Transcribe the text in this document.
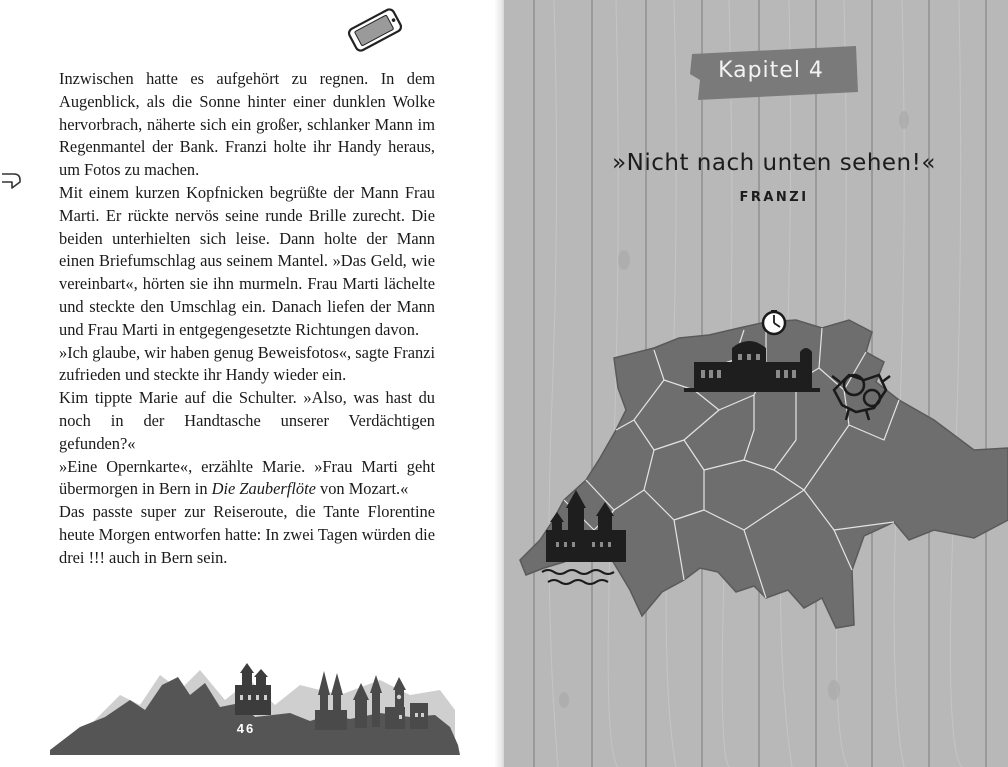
Inzwischen hatte es aufgehört zu regnen. In dem Augenblick, als die Sonne hinter einer dunklen Wolke hervorbrach, näherte sich ein großer, schlanker Mann im Regenmantel der Bank. Franzi holte ihr Handy heraus, um Fotos zu machen.

Mit einem kurzen Kopfnicken begrüßte der Mann Frau Marti. Er rückte nervös seine runde Brille zurecht. Die beiden unterhielten sich leise. Dann holte der Mann einen Briefumschlag aus seinem Mantel. »Das Geld, wie vereinbart«, hörten sie ihn murmeln. Frau Marti lächelte und steckte den Umschlag ein. Danach liefen der Mann und Frau Marti in entgegengesetzte Richtungen davon.

»Ich glaube, wir haben genug Beweisfotos«, sagte Franzi zufrieden und steckte ihr Handy wieder ein.

Kim tippte Marie auf die Schulter. »Also, was hast du noch in der Handtasche unserer Verdächtigen gefunden?«

»Eine Opernkarte«, erzählte Marie. »Frau Marti geht übermorgen in Bern in Die Zauberflöte von Mozart.«

Das passte super zur Reiseroute, die Tante Florentine heute Morgen entworfen hatte: In zwei Tagen würden die drei !!! auch in Bern sein.

46
Kapitel 4
»Nicht nach unten sehen!«
FRANZI
